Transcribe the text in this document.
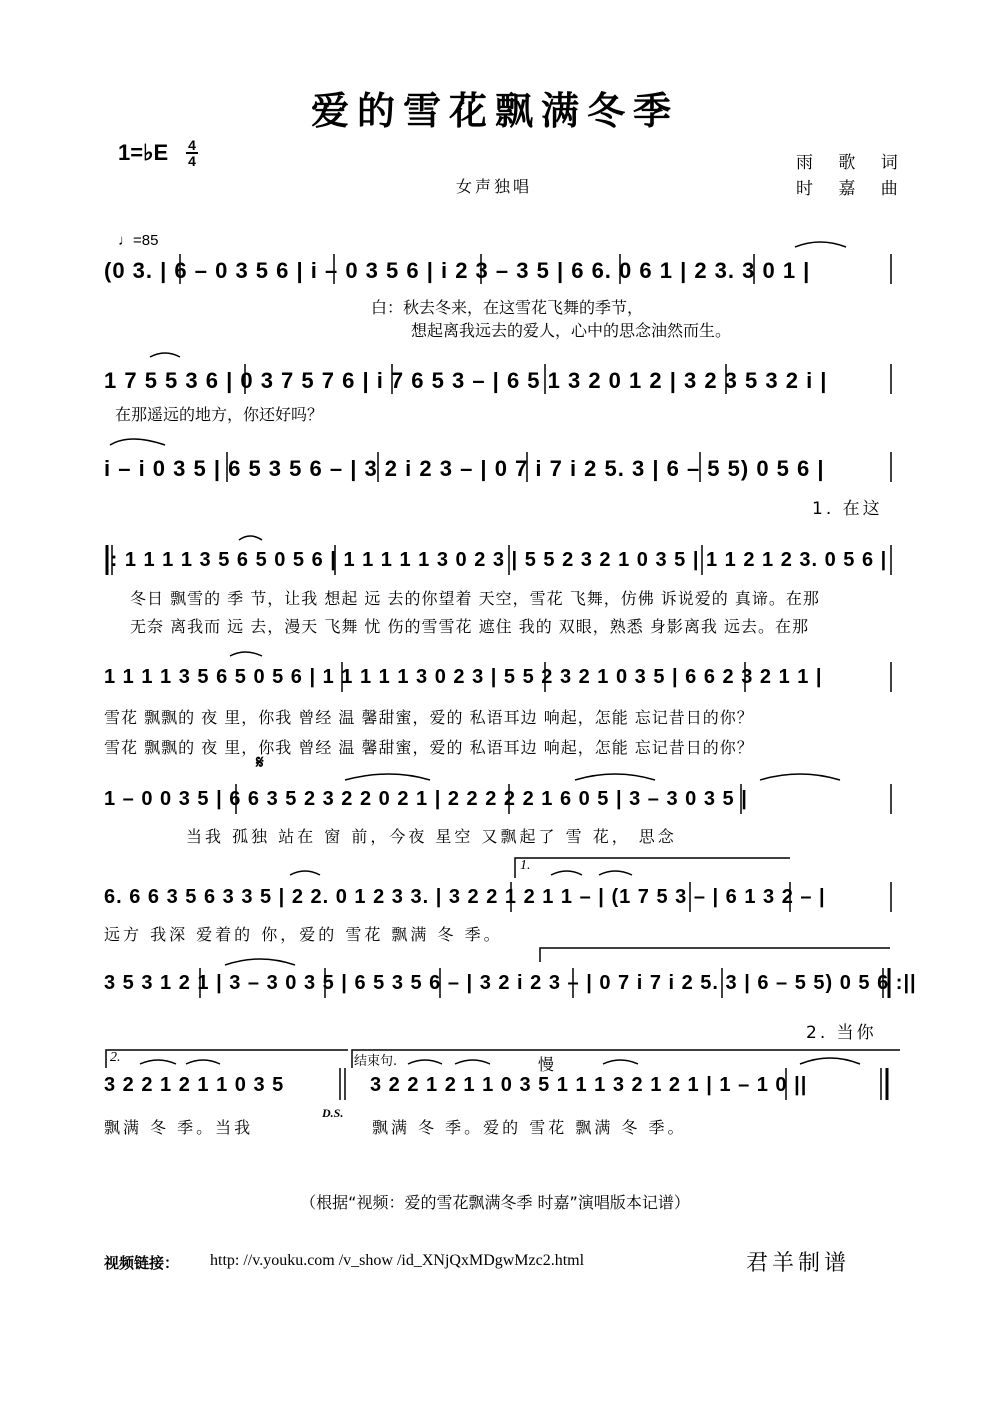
爱的雪花飘满冬季
1=♭E 4
4	雨 歌 词
时 嘉 曲
女声独唱
♩=85
(0 3. | 6 – 0 3 5 6 | i – 0 3 5 6 | i 2 3 – 3 5 | 6 6. 0 6 1 | 2 3. 3 0 1 |
白：秋去冬来，在这雪花飞舞的季节，
想起离我远去的爱人，心中的思念油然而生。
1 7 5 5 3 6 | 0 3 7 5 7 6 | i 7 6 5 3 – | 6 5 1 3 2 0 1 2 | 3 2 3 5 3 2 i |
在那遥远的地方，你还好吗？
i – i 0 3 5 | 6 5 3 5 6 – | 3 2 i 2 3 – | 0 7 i 7 i 2 5. 3 | 6 – 5 5) 0 5 6 |
1. 在这
|: 1 1 1 1 3 5 6 5 0 5 6 | 1 1 1 1 1 3 0 2 3 | 5 5 2 3 2 1 0 3 5 | 1 1 2 1 2 3. 0 5 6 |
冬日 飘雪的 季 节，让我 想起 远 去的你望着 天空，雪花 飞舞，仿佛 诉说爱的 真谛。在那
无奈 离我而 远 去，漫天 飞舞 忧 伤的雪雪花 遮住 我的 双眼，熟悉 身影离我 远去。在那
1 1 1 1 3 5 6 5 0 5 6 | 1 1 1 1 1 3 0 2 3 | 5 5 2 3 2 1 0 3 5 | 6 6 2 3 2 1 1 |
雪花 飘飘的 夜 里，你我 曾经 温 馨甜蜜，爱的 私语耳边 响起，怎能 忘记昔日的你？
雪花 飘飘的 夜 里，你我 曾经 温 馨甜蜜，爱的 私语耳边 响起，怎能 忘记昔日的你？
𝄋
1 – 0 0 3 5 | 6 6 3 5 2 3 2 2 0 2 1 | 2 2 2 2 2 1 6 0 5 | 3 – 3 0 3 5 |
当我 孤独 站在 窗 前，今夜 星空 又飘起了 雪 花， 思念
1.
6. 6 6 3 5 6 3 3 5 | 2 2. 0 1 2 3 3. | 3 2 2 1 2 1 1 – | (1 7 5 3 – | 6 1 3 2 – |
远方 我深 爱着的 你，爱的 雪花 飘满 冬 季。
3 5 3 1 2 1 | 3 – 3 0 3 5 | 6 5 3 5 6 – | 3 2 i 2 3 – | 0 7 i 7 i 2 5. 3 | 6 – 5 5) 0 5 6 :||
2. 当你
2.	结束句.	慢
3 2 2 1 2 1 1 0 3 5	3 2 2 1 2 1 1 0 3 5 1 1 1 3 2 1 2 1 | 1 – 1 0 ||
D.S.
飘满 冬 季。当我	飘满 冬 季。爱的 雪花 飘满 冬 季。
（根据“视频：爱的雪花飘满冬季 时嘉”演唱版本记谱）
视频链接： http: //v.youku.com /v_show /id_XNjQxMDgwMzc2.html	君羊制谱
